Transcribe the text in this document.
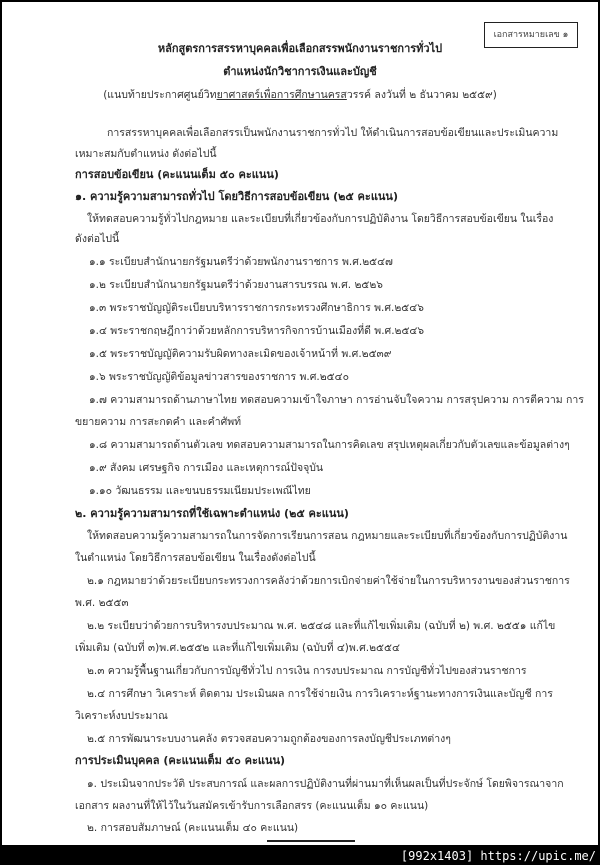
เอกสารหมายเลข ๑
หลักสูตรการสรรหาบุคคลเพื่อเลือกสรรพนักงานราชการทั่วไป
ตำแหน่งนักวิชาการเงินและบัญชี
(แนบท้ายประกาศศูนย์วิทยาศาสตร์เพื่อการศึกษานครสวรรค์ ลงวันที่ ๒ ธันวาคม ๒๕๕๙)
การสรรหาบุคคลเพื่อเลือกสรรเป็นพนักงานราชการทั่วไป ให้ดำเนินการสอบข้อเขียนและประเมินความ
เหมาะสมกับตำแหน่ง ดังต่อไปนี้
การสอบข้อเขียน (คะแนนเต็ม ๕๐ คะแนน)
๑. ความรู้ความสามารถทั่วไป โดยวิธีการสอบข้อเขียน (๒๕ คะแนน)
ให้ทดสอบความรู้ทั่วไปกฎหมาย และระเบียบที่เกี่ยวข้องกับการปฏิบัติงาน โดยวิธีการสอบข้อเขียน ในเรื่อง
ดังต่อไปนี้
๑.๑ ระเบียบสำนักนายกรัฐมนตรีว่าด้วยพนักงานราชการ พ.ศ.๒๕๔๗
๑.๒ ระเบียบสำนักนายกรัฐมนตรีว่าด้วยงานสารบรรณ พ.ศ. ๒๕๒๖
๑.๓ พระราชบัญญัติระเบียบบริหารราชการกระทรวงศึกษาธิการ พ.ศ.๒๕๔๖
๑.๔ พระราชกฤษฎีกาว่าด้วยหลักการบริหารกิจการบ้านเมืองที่ดี พ.ศ.๒๕๔๖
๑.๕ พระราชบัญญัติความรับผิดทางละเมิดของเจ้าหน้าที่ พ.ศ.๒๕๓๙
๑.๖ พระราชบัญญัติข้อมูลข่าวสารของราชการ พ.ศ.๒๕๔๐
๑.๗ ความสามารถด้านภาษาไทย ทดสอบความเข้าใจภาษา การอ่านจับใจความ การสรุปความ การตีความ การ
ขยายความ การสะกดคำ และคำศัพท์
๑.๘ ความสามารถด้านตัวเลข ทดสอบความสามารถในการคิดเลข สรุปเหตุผลเกี่ยวกับตัวเลขและข้อมูลต่างๆ
๑.๙ สังคม เศรษฐกิจ การเมือง และเหตุการณ์ปัจจุบัน
๑.๑๐ วัฒนธรรม และขนบธรรมเนียมประเพณีไทย
๒. ความรู้ความสามารถที่ใช้เฉพาะตำแหน่ง (๒๕ คะแนน)
ให้ทดสอบความรู้ความสามารถในการจัดการเรียนการสอน กฎหมายและระเบียบที่เกี่ยวข้องกับการปฏิบัติงาน
ในตำแหน่ง โดยวิธีการสอบข้อเขียน ในเรื่องดังต่อไปนี้
๒.๑ กฎหมายว่าด้วยระเบียบกระทรวงการคลังว่าด้วยการเบิกจ่ายค่าใช้จ่ายในการบริหารงานของส่วนราชการ
พ.ศ. ๒๕๕๓
๒.๒ ระเบียบว่าด้วยการบริหารงบประมาณ พ.ศ. ๒๕๔๘ และที่แก้ไขเพิ่มเติม (ฉบับที่ ๒) พ.ศ. ๒๕๕๑ แก้ไข
เพิ่มเติม (ฉบับที่ ๓)พ.ศ.๒๕๕๒ และที่แก้ไขเพิ่มเติม (ฉบับที่ ๔)พ.ศ.๒๕๕๔
๒.๓ ความรู้พื้นฐานเกี่ยวกับการบัญชีทั่วไป การเงิน การงบประมาณ การบัญชีทั่วไปของส่วนราชการ
๒.๔ การศึกษา วิเคราะห์ ติดตาม ประเมินผล การใช้จ่ายเงิน การวิเคราะห์ฐานะทางการเงินและบัญชี การ
วิเคราะห์งบประมาณ
๒.๕ การพัฒนาระบบงานคลัง ตรวจสอบความถูกต้องของการลงบัญชีประเภทต่างๆ
การประเมินบุคคล (คะแนนเต็ม ๕๐ คะแนน)
๑. ประเมินจากประวัติ ประสบการณ์ และผลการปฏิบัติงานที่ผ่านมาที่เห็นผลเป็นที่ประจักษ์ โดยพิจารณาจาก
เอกสาร ผลงานที่ให้ไว้ในวันสมัครเข้ารับการเลือกสรร (คะแนนเต็ม ๑๐ คะแนน)
๒. การสอบสัมภาษณ์ (คะแนนเต็ม ๔๐ คะแนน)
[992x1403] https://upic.me/
